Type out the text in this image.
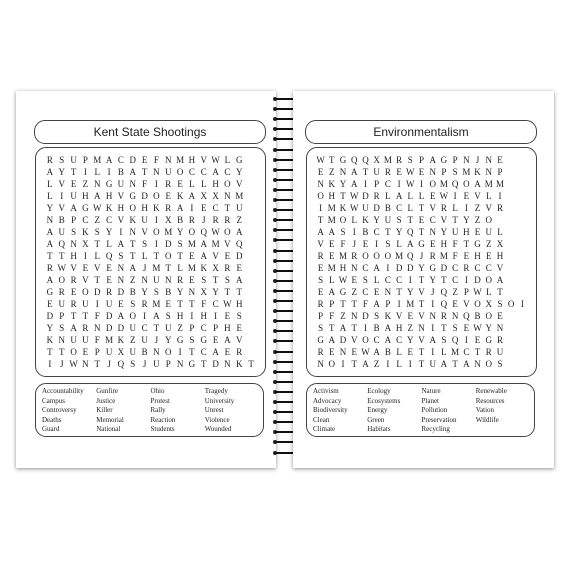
Kent State Shootings
R S U P M A C D E F N M H V W L G
A Y T I L I B A T N U O C C A C Y
L V E Z N G U N F I R E L L H O V
L I U H A H V G D O E K A X X N M
Y V A G W K H O H K R A I E C T U
N B P C Z C V K U I X B R J R R Z
A U S K S Y I N V O M Y O Q W O A
A Q N X T L A T S I D S M A M V Q
T T H I L Q S T L T O T E A V E D
R W V E V E N A J M T L M K X R E
A O R V T E N Z N U N R E S T S A
G R E O D R D B Y S B Y N X Y T T
E U R U I U E S R M E T T F C W H
D P T T F D A O I A S H I H I E S
Y S A R N D D U C T U Z P C P H E
K N U U F M K Z U J Y G S G E A V
T T O E P U X U B N O I T C A E R
I J W N T J Q S J U P N G T D N K T
Accountability
Campus
Controversy
Deaths
Guard
Gunfire
Justice
Killer
Memorial
National
Ohio
Protest
Rally
Reaction
Students
Tragedy
University
Unrest
Violence
Wounded
Environmentalism
W T G Q Q X M R S P A G P N J N E
E Z N A T U R E W E N P S M K N P
N K Y A I P C I W I O M Q O A M M
O H T W D R L A L L E W I E V L I
I M K W U D B C L T V R L I Z V R
T M O L K Y U S T E C V T Y Z O
A A S I B C T Y Q T N Y U H E U L
V E F J E I S L A G E H F T G Z X
R E M R O O O M Q J R M F E H E H
E M H N C A I D D Y G D C R C C V
S L W E S L C C I T Y T C I D O A
E A G Z C E N T Y V J Q Z P W L T
R P T T F A P I M T I Q E V O X S O I
P F Z N D S K V E V N R N Q B O E
S T A T I B A H Z N I T S E W Y N
G A D V O C A C Y V A S Q I E G R
R E N E W A B L E T I L M C T R U
N O I T A Z I L I T U A T A N O S
Activism
Advocacy
Biodiversity
Clean
Climate
Ecology
Ecosystems
Energy
Green
Habitats
Nature
Planet
Pollution
Preservation
Recycling
Renewable
Resources
Vation
Wildlife
